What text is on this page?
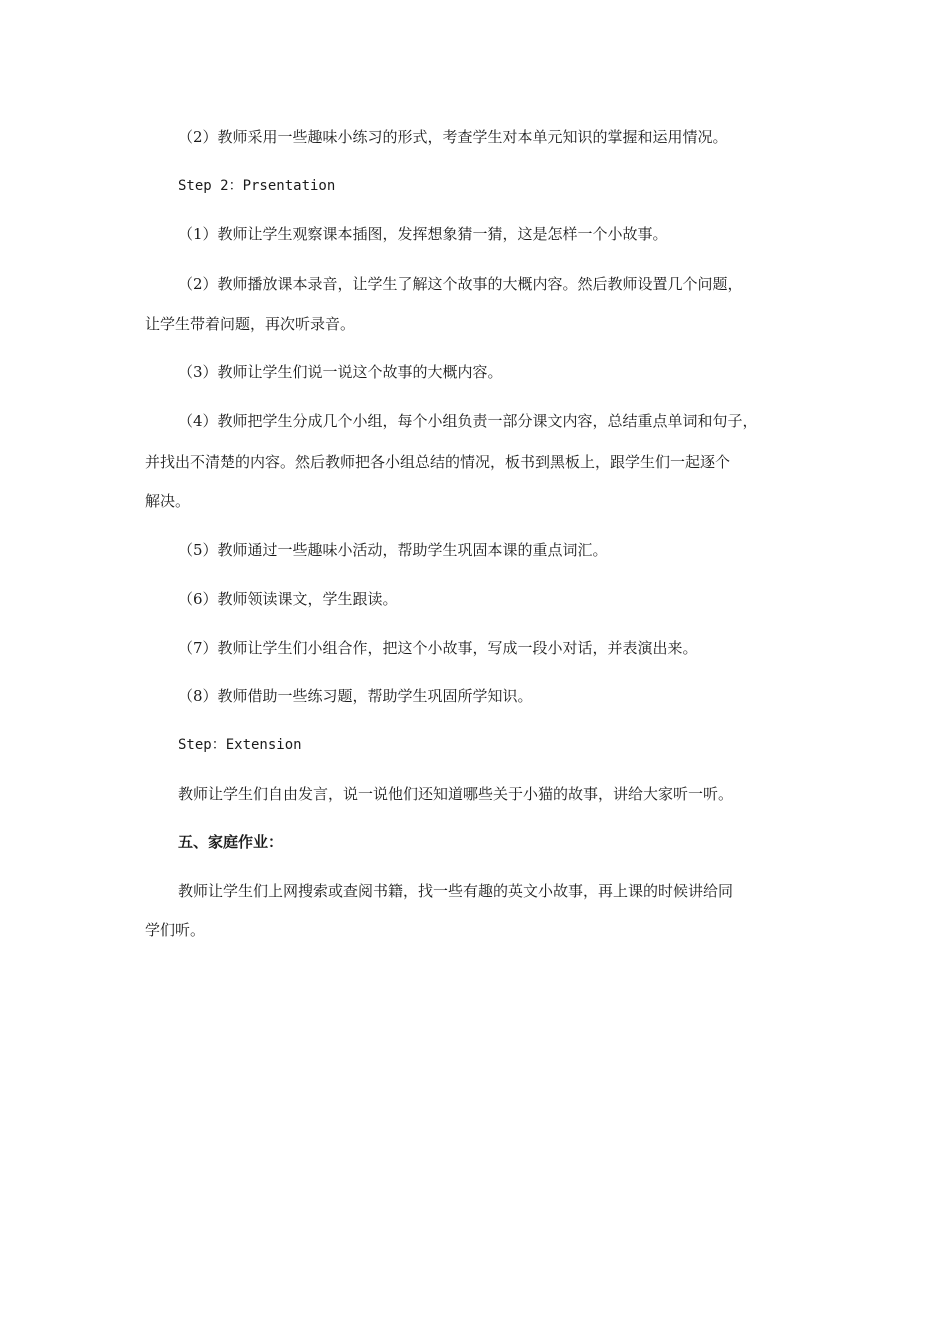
（2）教师采用一些趣味小练习的形式，考查学生对本单元知识的掌握和运用情况。
Step 2：Prsentation
（1）教师让学生观察课本插图，发挥想象猜一猜，这是怎样一个小故事。
（2）教师播放课本录音，让学生了解这个故事的大概内容。然后教师设置几个问题，
让学生带着问题，再次听录音。
（3）教师让学生们说一说这个故事的大概内容。
（4）教师把学生分成几个小组，每个小组负责一部分课文内容，总结重点单词和句子，
并找出不清楚的内容。然后教师把各小组总结的情况，板书到黑板上，跟学生们一起逐个
解决。
（5）教师通过一些趣味小活动，帮助学生巩固本课的重点词汇。
（6）教师领读课文，学生跟读。
（7）教师让学生们小组合作，把这个小故事，写成一段小对话，并表演出来。
（8）教师借助一些练习题，帮助学生巩固所学知识。
Step：Extension
教师让学生们自由发言，说一说他们还知道哪些关于小猫的故事，讲给大家听一听。
五、家庭作业：
教师让学生们上网搜索或查阅书籍，找一些有趣的英文小故事，再上课的时候讲给同
学们听。
